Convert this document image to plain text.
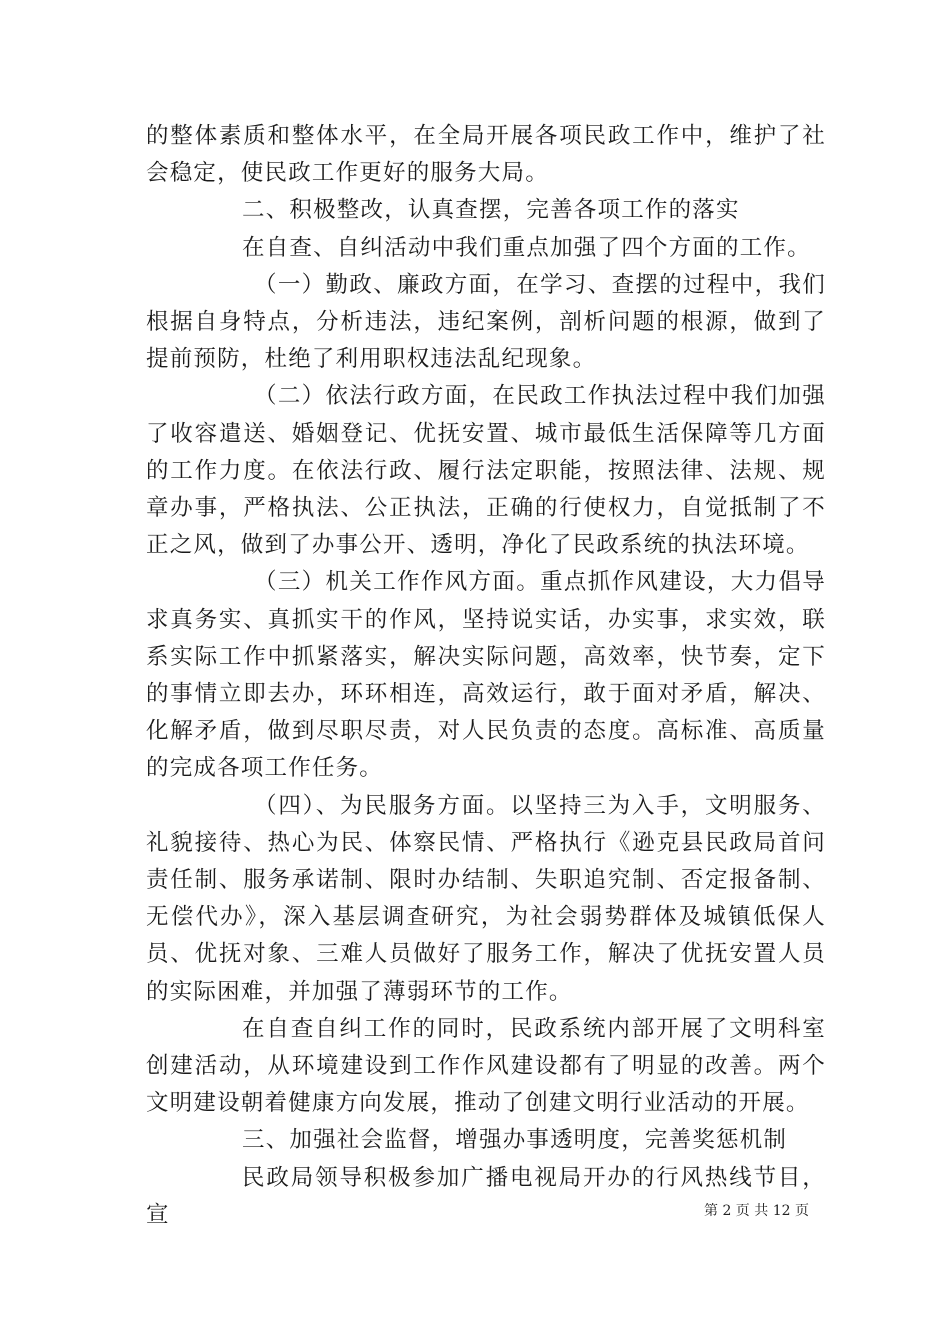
的整体素质和整体水平，在全局开展各项民政工作中，维护了社会稳定，使民政工作更好的服务大局。

二、积极整改，认真查摆，完善各项工作的落实

在自查、自纠活动中我们重点加强了四个方面的工作。

（一）勤政、廉政方面，在学习、查摆的过程中，我们根据自身特点，分析违法，违纪案例，剖析问题的根源，做到了提前预防，杜绝了利用职权违法乱纪现象。

（二）依法行政方面，在民政工作执法过程中我们加强了收容遣送、婚姻登记、优抚安置、城市最低生活保障等几方面的工作力度。在依法行政、履行法定职能，按照法律、法规、规章办事，严格执法、公正执法，正确的行使权力，自觉抵制了不正之风，做到了办事公开、透明，净化了民政系统的执法环境。

（三）机关工作作风方面。重点抓作风建设，大力倡导求真务实、真抓实干的作风，坚持说实话，办实事，求实效，联系实际工作中抓紧落实，解决实际问题，高效率，快节奏，定下的事情立即去办，环环相连，高效运行，敢于面对矛盾，解决、化解矛盾，做到尽职尽责，对人民负责的态度。高标准、高质量的完成各项工作任务。

（四）、为民服务方面。以坚持三为入手，文明服务、礼貌接待、热心为民、体察民情、严格执行《逊克县民政局首问责任制、服务承诺制、限时办结制、失职追究制、否定报备制、无偿代办》，深入基层调查研究，为社会弱势群体及城镇低保人员、优抚对象、三难人员做好了服务工作，解决了优抚安置人员的实际困难，并加强了薄弱环节的工作。

在自查自纠工作的同时，民政系统内部开展了文明科室创建活动，从环境建设到工作作风建设都有了明显的改善。两个文明建设朝着健康方向发展，推动了创建文明行业活动的开展。

三、加强社会监督，增强办事透明度，完善奖惩机制

民政局领导积极参加广播电视局开办的行风热线节目，宣	第 2 页 共 12 页
